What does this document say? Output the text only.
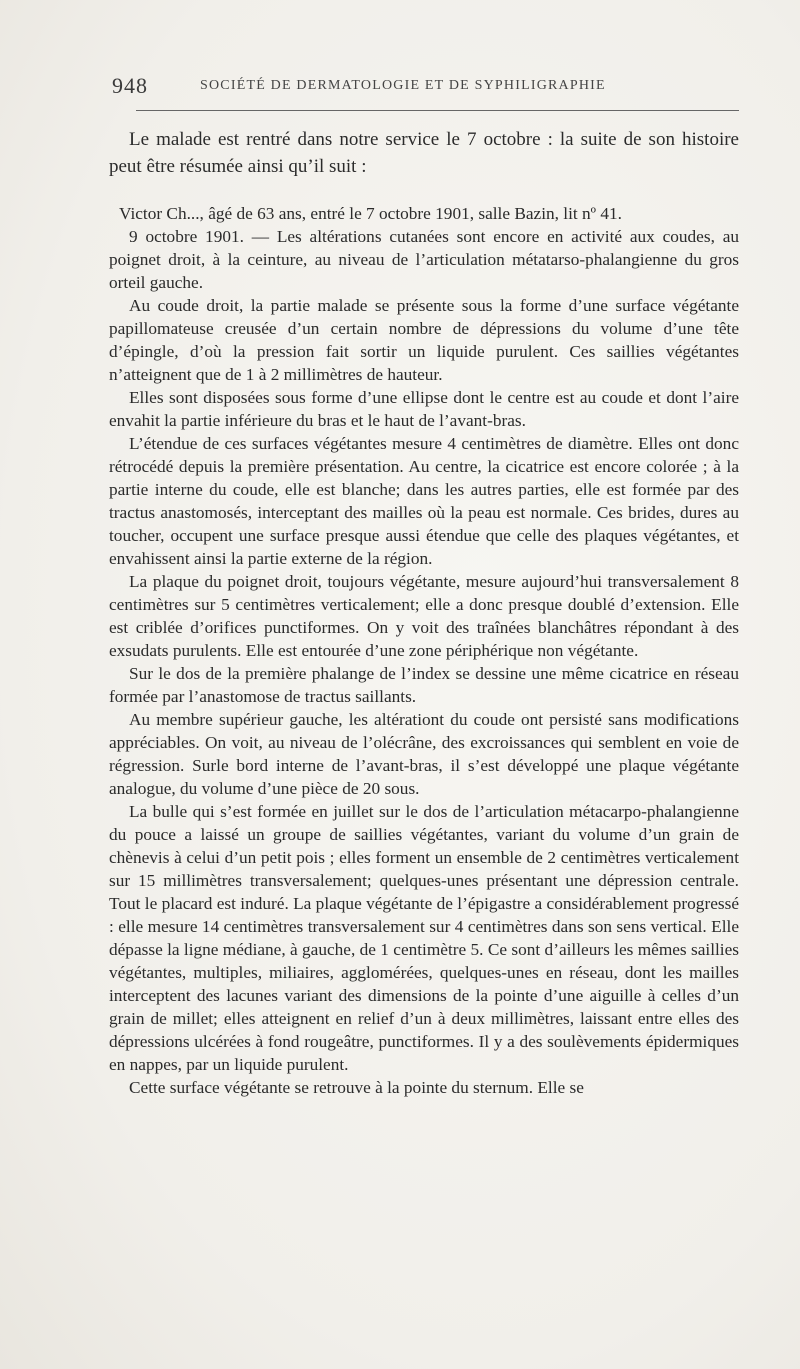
948	SOCIÉTÉ DE DERMATOLOGIE ET DE SYPHILIGRAPHIE

Le malade est rentré dans notre service le 7 octobre : la suite de son histoire peut être résumée ainsi qu’il suit :

Victor Ch..., âgé de 63 ans, entré le 7 octobre 1901, salle Bazin, lit nº 41.

9 octobre 1901. — Les altérations cutanées sont encore en activité aux coudes, au poignet droit, à la ceinture, au niveau de l’articulation métatarso-phalangienne du gros orteil gauche.

Au coude droit, la partie malade se présente sous la forme d’une surface végétante papillomateuse creusée d’un certain nombre de dépressions du volume d’une tête d’épingle, d’où la pression fait sortir un liquide purulent. Ces saillies végétantes n’atteignent que de 1 à 2 millimètres de hauteur.

Elles sont disposées sous forme d’une ellipse dont le centre est au coude et dont l’aire envahit la partie inférieure du bras et le haut de l’avant-bras.

L’étendue de ces surfaces végétantes mesure 4 centimètres de diamètre. Elles ont donc rétrocédé depuis la première présentation. Au centre, la cicatrice est encore colorée ; à la partie interne du coude, elle est blanche; dans les autres parties, elle est formée par des tractus anastomosés, interceptant des mailles où la peau est normale. Ces brides, dures au toucher, occupent une surface presque aussi étendue que celle des plaques végétantes, et envahissent ainsi la partie externe de la région.

La plaque du poignet droit, toujours végétante, mesure aujourd’hui transversalement 8 centimètres sur 5 centimètres verticalement; elle a donc presque doublé d’extension. Elle est criblée d’orifices punctiformes. On y voit des traînées blanchâtres répondant à des exsudats purulents. Elle est entourée d’une zone périphérique non végétante.

Sur le dos de la première phalange de l’index se dessine une même cicatrice en réseau formée par l’anastomose de tractus saillants.

Au membre supérieur gauche, les altérationt du coude ont persisté sans modifications appréciables. On voit, au niveau de l’olécrâne, des excroissances qui semblent en voie de régression. Surle bord interne de l’avant-bras, il s’est développé une plaque végétante analogue, du volume d’une pièce de 20 sous.

La bulle qui s’est formée en juillet sur le dos de l’articulation métacarpo-phalangienne du pouce a laissé un groupe de saillies végétantes, variant du volume d’un grain de chènevis à celui d’un petit pois ; elles forment un ensemble de 2 centimètres verticalement sur 15 millimètres transversalement; quelques-unes présentant une dépression centrale. Tout le placard est induré. La plaque végétante de l’épigastre a considérablement progressé : elle mesure 14 centimètres transversalement sur 4 centimètres dans son sens vertical. Elle dépasse la ligne médiane, à gauche, de 1 centimètre 5. Ce sont d’ailleurs les mêmes saillies végétantes, multiples, miliaires, agglomérées, quelques-unes en réseau, dont les mailles interceptent des lacunes variant des dimensions de la pointe d’une aiguille à celles d’un grain de millet; elles atteignent en relief d’un à deux millimètres, laissant entre elles des dépressions ulcérées à fond rougeâtre, punctiformes. Il y a des soulèvements épidermiques en nappes, par un liquide purulent.

Cette surface végétante se retrouve à la pointe du sternum. Elle se
